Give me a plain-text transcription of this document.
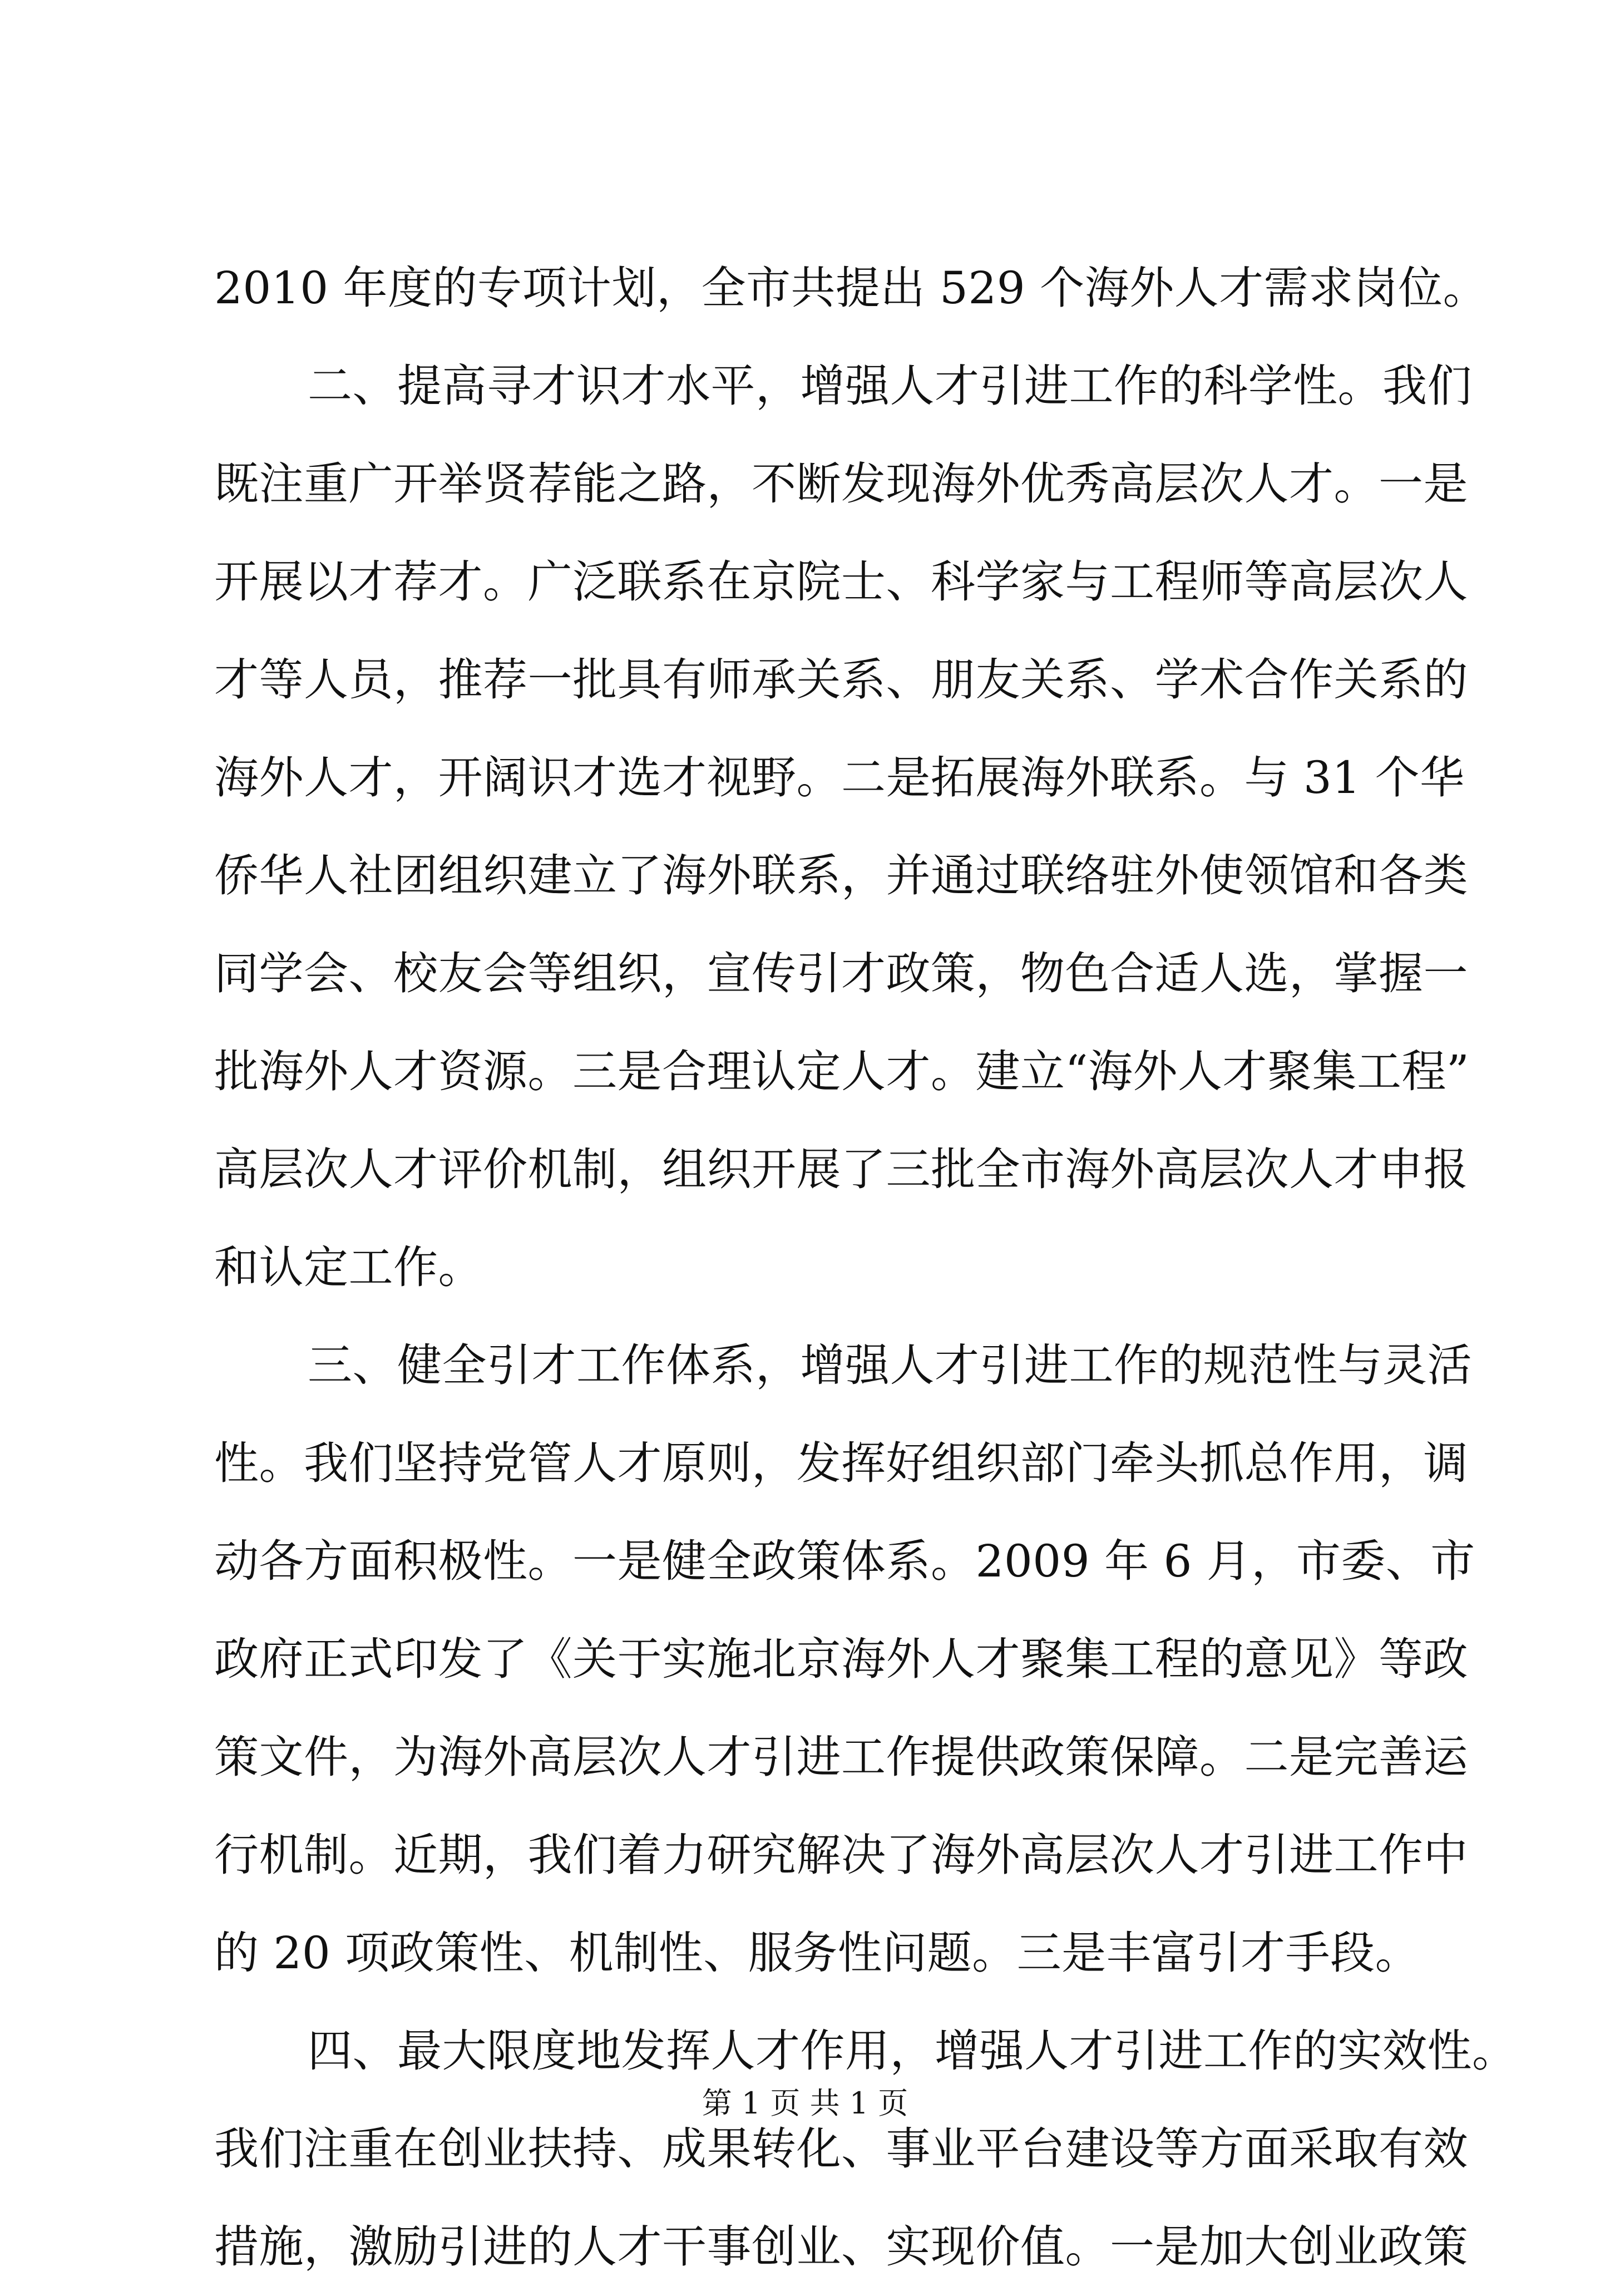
2010 年度的专项计划，全市共提出 529 个海外人才需求岗位。
二、提高寻才识才水平，增强人才引进工作的科学性。我们
既注重广开举贤荐能之路，不断发现海外优秀高层次人才。一是
开展以才荐才。广泛联系在京院士、科学家与工程师等高层次人
才等人员，推荐一批具有师承关系、朋友关系、学术合作关系的
海外人才，开阔识才选才视野。二是拓展海外联系。与 31 个华
侨华人社团组织建立了海外联系，并通过联络驻外使领馆和各类
同学会、校友会等组织，宣传引才政策，物色合适人选，掌握一
批海外人才资源。三是合理认定人才。建立“海外人才聚集工程”
高层次人才评价机制，组织开展了三批全市海外高层次人才申报
和认定工作。
三、健全引才工作体系，增强人才引进工作的规范性与灵活
性。我们坚持党管人才原则，发挥好组织部门牵头抓总作用，调
动各方面积极性。一是健全政策体系。2009 年 6 月，市委、市
政府正式印发了《关于实施北京海外人才聚集工程的意见》等政
策文件，为海外高层次人才引进工作提供政策保障。二是完善运
行机制。近期，我们着力研究解决了海外高层次人才引进工作中
的 20 项政策性、机制性、服务性问题。三是丰富引才手段。
四、最大限度地发挥人才作用，增强人才引进工作的实效性。
我们注重在创业扶持、成果转化、事业平台建设等方面采取有效
措施，激励引进的人才干事创业、实现价值。一是加大创业政策
第 1 页 共 1 页
